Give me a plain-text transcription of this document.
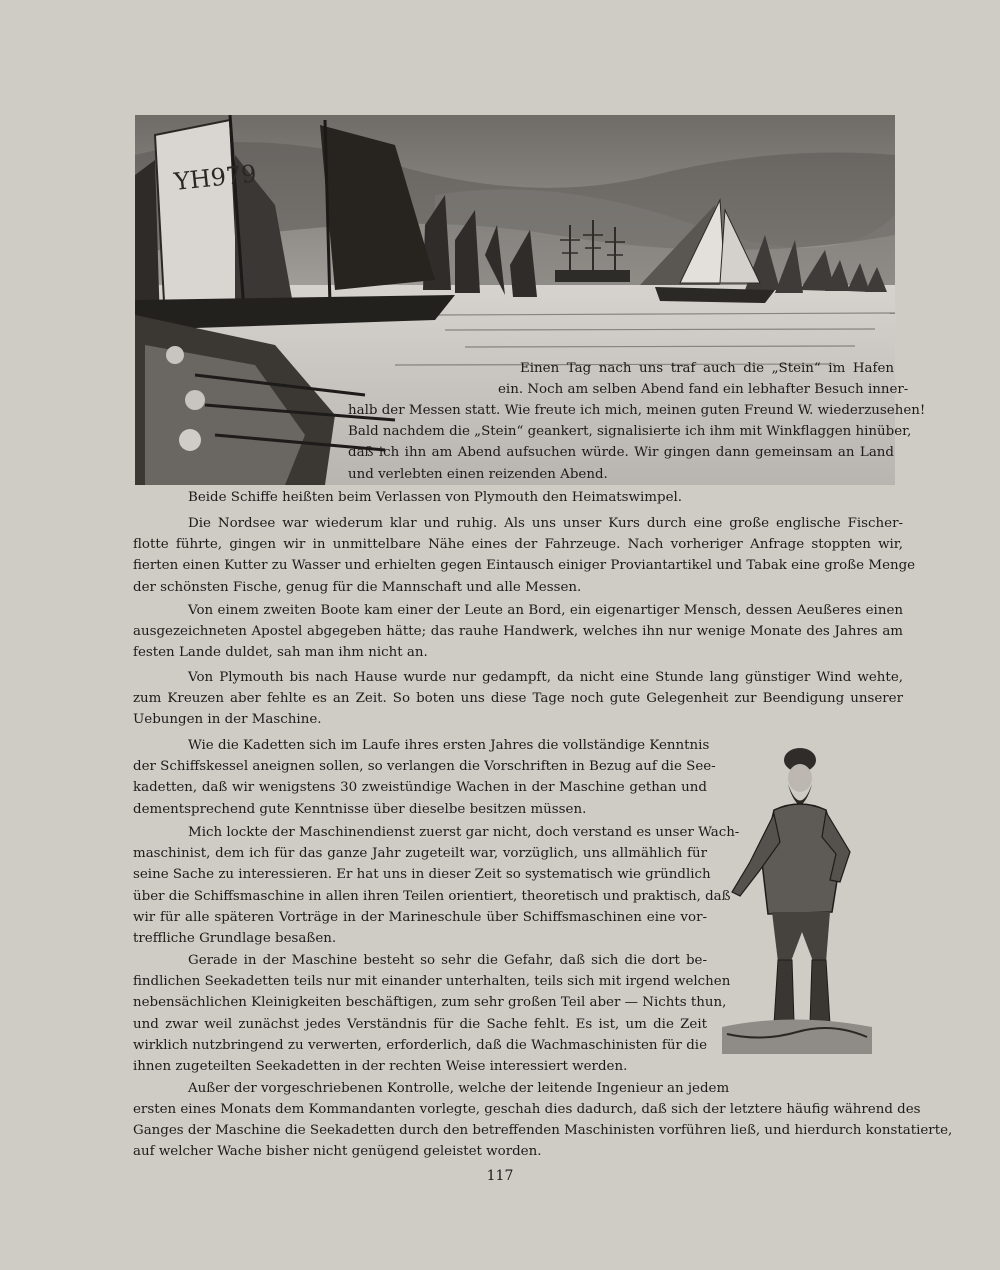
YH979

Einen Tag nach uns traf auch die „Stein“ im Hafen

ein. Noch am selben Abend fand ein lebhafter Besuch inner-

halb der Messen statt. Wie freute ich mich, meinen guten Freund W. wiederzusehen!
Bald nachdem die „Stein“ geankert, signalisierte ich ihm mit Winkflaggen hinüber,
daß ich ihn am Abend aufsuchen würde. Wir gingen dann gemeinsam an Land
und verlebten einen reizenden Abend.

Beide Schiffe heißten beim Verlassen von Plymouth den Heimatswimpel.

Die Nordsee war wiederum klar und ruhig. Als uns unser Kurs durch eine große englische Fischer-
flotte führte, gingen wir in unmittelbare Nähe eines der Fahrzeuge. Nach vorheriger Anfrage stoppten wir,
fierten einen Kutter zu Wasser und erhielten gegen Eintausch einiger Proviantartikel und Tabak eine große Menge
der schönsten Fische, genug für die Mannschaft und alle Messen.

Von einem zweiten Boote kam einer der Leute an Bord, ein eigenartiger Mensch, dessen Aeußeres einen
ausgezeichneten Apostel abgegeben hätte; das rauhe Handwerk, welches ihn nur wenige Monate des Jahres am
festen Lande duldet, sah man ihm nicht an.

Von Plymouth bis nach Hause wurde nur gedampft, da nicht eine Stunde lang günstiger Wind wehte,
zum Kreuzen aber fehlte es an Zeit. So boten uns diese Tage noch gute Gelegenheit zur Beendigung unserer
Uebungen in der Maschine.

Wie die Kadetten sich im Laufe ihres ersten Jahres die vollständige Kenntnis
der Schiffskessel aneignen sollen, so verlangen die Vorschriften in Bezug auf die See-
kadetten, daß wir wenigstens 30 zweistündige Wachen in der Maschine gethan und
dementsprechend gute Kenntnisse über dieselbe besitzen müssen.

Mich lockte der Maschinendienst zuerst gar nicht, doch verstand es unser Wach-
maschinist, dem ich für das ganze Jahr zugeteilt war, vorzüglich, uns allmählich für
seine Sache zu interessieren. Er hat uns in dieser Zeit so systematisch wie gründlich
über die Schiffsmaschine in allen ihren Teilen orientiert, theoretisch und praktisch, daß
wir für alle späteren Vorträge in der Marineschule über Schiffsmaschinen eine vor-
treffliche Grundlage besaßen.

Gerade in der Maschine besteht so sehr die Gefahr, daß sich die dort be-
findlichen Seekadetten teils nur mit einander unterhalten, teils sich mit irgend welchen
nebensächlichen Kleinigkeiten beschäftigen, zum sehr großen Teil aber — Nichts thun,
und zwar weil zunächst jedes Verständnis für die Sache fehlt. Es ist, um die Zeit
wirklich nutzbringend zu verwerten, erforderlich, daß die Wachmaschinisten für die
ihnen zugeteilten Seekadetten in der rechten Weise interessiert werden.

Außer der vorgeschriebenen Kontrolle, welche der leitende Ingenieur an jedem

ersten eines Monats dem Kommandanten vorlegte, geschah dies dadurch, daß sich der letztere häufig während des
Ganges der Maschine die Seekadetten durch den betreffenden Maschinisten vorführen ließ, und hierdurch konstatierte,
auf welcher Wache bisher nicht genügend geleistet worden.

117
